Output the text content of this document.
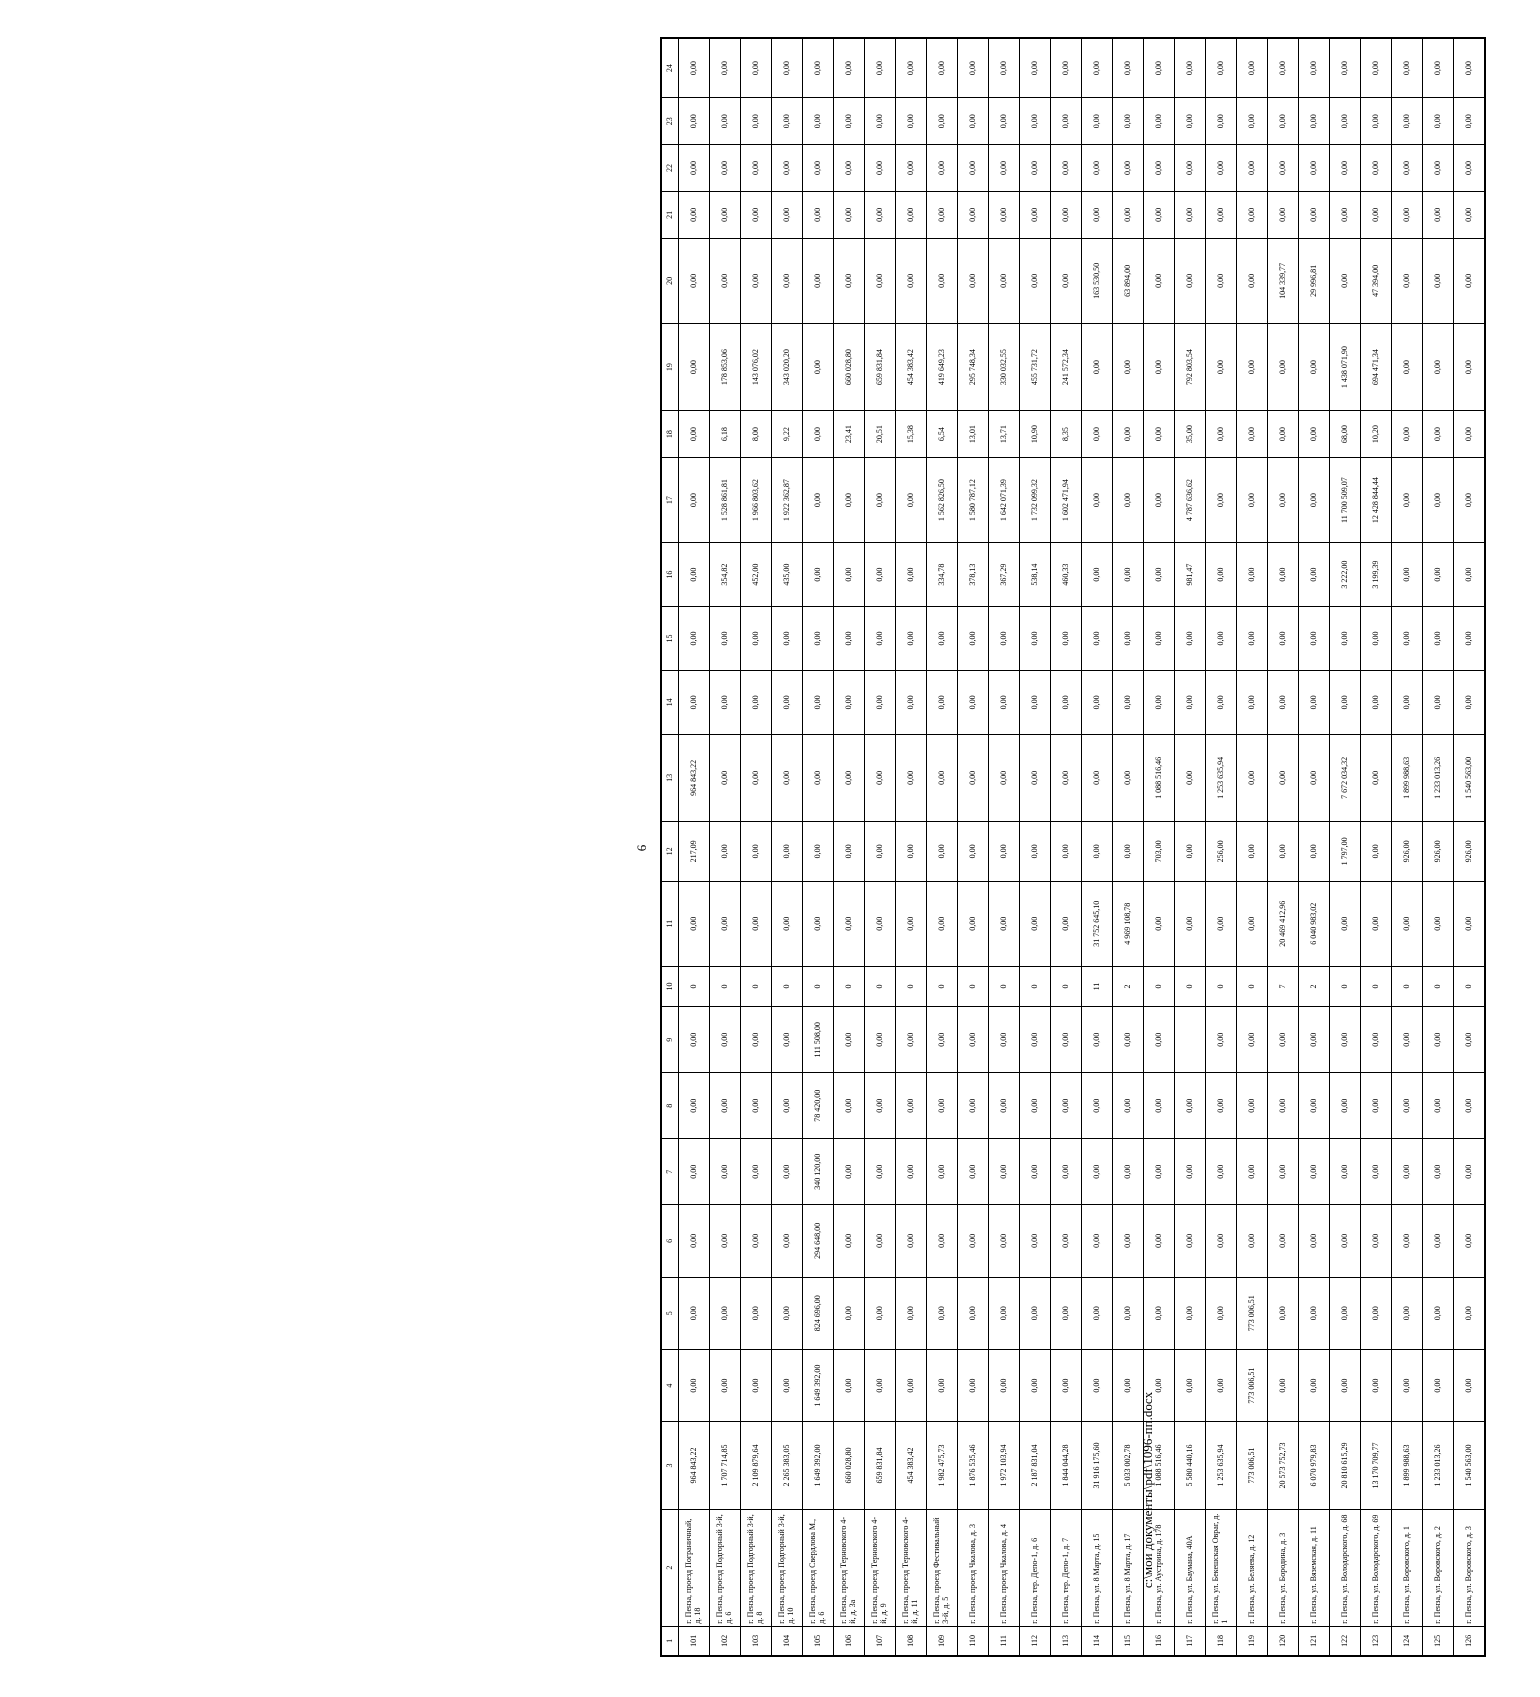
6
1	2	3	4	5	6	7	8	9	10	11	12	13	14	15	16	17	18	19	20	21	22	23	24
101	г. Пенза, проезд Пограничный, д. 18	964 843,22	0,00	0,00	0,00	0,00	0,00	0,00	0	0,00	217,09	964 843,22	0,00	0,00	0,00	0,00	0,00	0,00	0,00	0,00	0,00	0,00	0,00
102	г. Пенза, проезд Подгорный 3-й, д. 6	1 707 714,85	0,00	0,00	0,00	0,00	0,00	0,00	0	0,00	0,00	0,00	0,00	0,00	354,82	1 528 861,81	6,18	178 853,06	0,00	0,00	0,00	0,00	0,00
103	г. Пенза, проезд Подгорный 3-й, д. 8	2 109 879,64	0,00	0,00	0,00	0,00	0,00	0,00	0	0,00	0,00	0,00	0,00	0,00	452,00	1 966 803,62	8,00	143 076,02	0,00	0,00	0,00	0,00	0,00
104	г. Пенза, проезд Подгорный 3-й, д. 10	2 265 383,05	0,00	0,00	0,00	0,00	0,00	0,00	0	0,00	0,00	0,00	0,00	0,00	435,00	1 922 362,87	9,22	343 020,20	0,00	0,00	0,00	0,00	0,00
105	г. Пенза, проезд Свердлова М., д. 6	1 649 392,00	1 649 392,00	824 696,00	294 648,00	340 120,00	78 420,00	111 508,00	0	0,00	0,00	0,00	0,00	0,00	0,00	0,00	0,00	0,00	0,00	0,00	0,00	0,00	0,00
106	г. Пенза, проезд Терновского 4-й, д. 3а	660 028,80	0,00	0,00	0,00	0,00	0,00	0,00	0	0,00	0,00	0,00	0,00	0,00	0,00	0,00	23,41	660 028,80	0,00	0,00	0,00	0,00	0,00
107	г. Пенза, проезд Терновского 4-й, д. 9	659 831,84	0,00	0,00	0,00	0,00	0,00	0,00	0	0,00	0,00	0,00	0,00	0,00	0,00	0,00	20,51	659 831,84	0,00	0,00	0,00	0,00	0,00
108	г. Пенза, проезд Терновского 4-й, д. 11	454 383,42	0,00	0,00	0,00	0,00	0,00	0,00	0	0,00	0,00	0,00	0,00	0,00	0,00	0,00	15,38	454 383,42	0,00	0,00	0,00	0,00	0,00
109	г. Пенза, проезд Фестивальный 3-й, д. 5	1 982 475,73	0,00	0,00	0,00	0,00	0,00	0,00	0	0,00	0,00	0,00	0,00	0,00	334,78	1 562 826,50	6,54	419 649,23	0,00	0,00	0,00	0,00	0,00
110	г. Пенза, проезд Чкалова, д. 3	1 876 535,46	0,00	0,00	0,00	0,00	0,00	0,00	0	0,00	0,00	0,00	0,00	0,00	378,13	1 580 787,12	13,01	295 748,34	0,00	0,00	0,00	0,00	0,00
111	г. Пенза, проезд Чкалова, д. 4	1 972 103,94	0,00	0,00	0,00	0,00	0,00	0,00	0	0,00	0,00	0,00	0,00	0,00	367,29	1 642 071,39	13,71	330 032,55	0,00	0,00	0,00	0,00	0,00
112	г. Пенза, тер. Депо-1, д. 6	2 187 831,04	0,00	0,00	0,00	0,00	0,00	0,00	0	0,00	0,00	0,00	0,00	0,00	538,14	1 732 099,32	10,90	455 731,72	0,00	0,00	0,00	0,00	0,00
113	г. Пенза, тер. Депо-1, д. 7	1 844 044,28	0,00	0,00	0,00	0,00	0,00	0,00	0	0,00	0,00	0,00	0,00	0,00	460,33	1 602 471,94	8,35	241 572,34	0,00	0,00	0,00	0,00	0,00
114	г. Пенза, ул. 8 Марта, д. 15	31 916 175,60	0,00	0,00	0,00	0,00	0,00	0,00	11	31 752 645,10	0,00	0,00	0,00	0,00	0,00	0,00	0,00	0,00	163 530,50	0,00	0,00	0,00	0,00
115	г. Пенза, ул. 8 Марта, д. 17	5 033 002,78	0,00	0,00	0,00	0,00	0,00	0,00	2	4 969 108,78	0,00	0,00	0,00	0,00	0,00	0,00	0,00	0,00	63 894,00	0,00	0,00	0,00	0,00
116	г. Пенза, ул. Аустрина, д. 178	1 088 516,46	0,00	0,00	0,00	0,00	0,00	0,00	0	0,00	703,00	1 088 516,46	0,00	0,00	0,00	0,00	0,00	0,00	0,00	0,00	0,00	0,00	0,00
117	г. Пенза, ул. Баумана, 40А	5 580 440,16	0,00	0,00	0,00	0,00	0,00		0	0,00	0,00	0,00	0,00	0,00	981,47	4 787 636,62	35,00	792 803,54	0,00	0,00	0,00	0,00	0,00
118	г. Пенза, ул. Бекешская Овраг, д. 1	1 253 635,94	0,00	0,00	0,00	0,00	0,00	0,00	0	0,00	256,00	1 253 635,94	0,00	0,00	0,00	0,00	0,00	0,00	0,00	0,00	0,00	0,00	0,00
119	г. Пенза, ул. Беляева, д. 12	773 006,51	773 006,51	773 006,51	0,00	0,00	0,00	0,00	0	0,00	0,00	0,00	0,00	0,00	0,00	0,00	0,00	0,00	0,00	0,00	0,00	0,00	0,00
120	г. Пенза, ул. Бородина, д. 3	20 573 752,73	0,00	0,00	0,00	0,00	0,00	0,00	7	20 469 412,96	0,00	0,00	0,00	0,00	0,00	0,00	0,00	0,00	104 339,77	0,00	0,00	0,00	0,00
121	г. Пенза, ул. Вяземская, д. 11	6 070 979,83	0,00	0,00	0,00	0,00	0,00	0,00	2	6 040 983,02	0,00	0,00	0,00	0,00	0,00	0,00	0,00	0,00	29 996,81	0,00	0,00	0,00	0,00
122	г. Пенза, ул. Володарского, д. 68	20 810 615,29	0,00	0,00	0,00	0,00	0,00	0,00	0	0,00	1 797,00	7 672 034,32	0,00	0,00	3 222,00	11 700 509,07	68,00	1 438 071,90	0,00	0,00	0,00	0,00	0,00
123	г. Пенза, ул. Володарского, д. 69	13 170 709,77	0,00	0,00	0,00	0,00	0,00	0,00	0	0,00	0,00	0,00	0,00	0,00	3 199,39	12 428 844,44	10,20	694 471,34	47 394,00	0,00	0,00	0,00	0,00
124	г. Пенза, ул. Воровского, д. 1	1 899 988,63	0,00	0,00	0,00	0,00	0,00	0,00	0	0,00	926,00	1 899 988,63	0,00	0,00	0,00	0,00	0,00	0,00	0,00	0,00	0,00	0,00	0,00
125	г. Пенза, ул. Воровского, д. 2	1 233 013,26	0,00	0,00	0,00	0,00	0,00	0,00	0	0,00	926,00	1 233 013,26	0,00	0,00	0,00	0,00	0,00	0,00	0,00	0,00	0,00	0,00	0,00
126	г. Пенза, ул. Воровского, д. 3	1 540 563,00	0,00	0,00	0,00	0,00	0,00	0,00	0	0,00	926,00	1 540 563,00	0,00	0,00	0,00	0,00	0,00	0,00	0,00	0,00	0,00	0,00	0,00
c:\мои документы\pdf\1096-пп.docx
